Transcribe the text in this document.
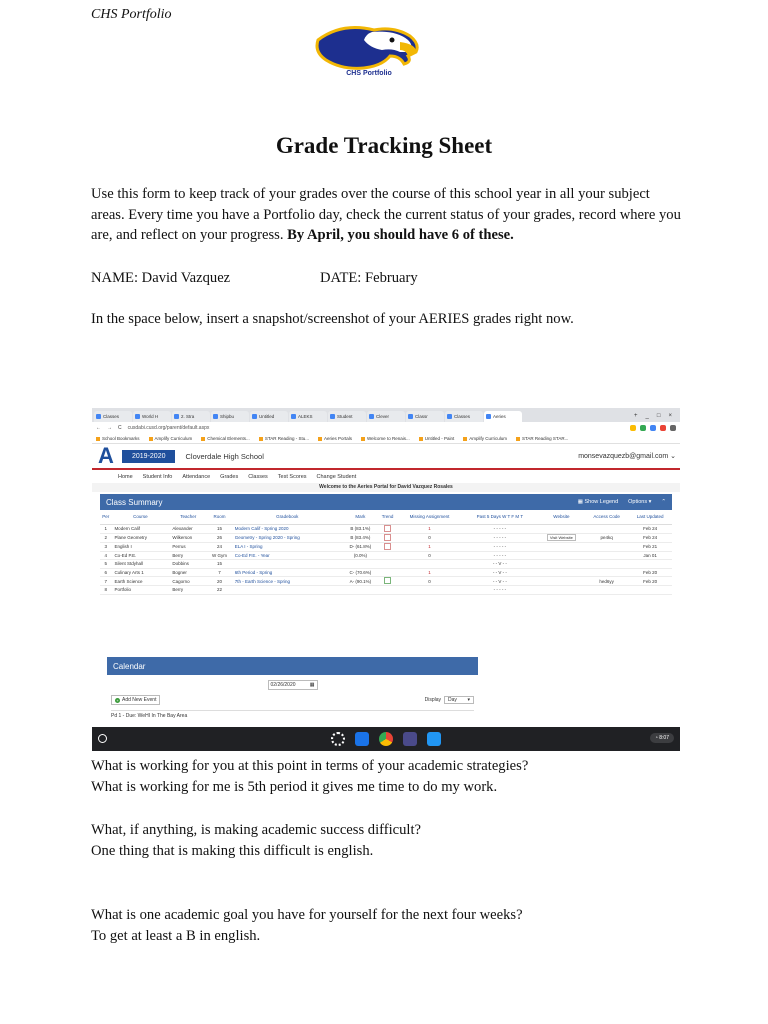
CHS Portfolio
CHS Portfolio
Grade Tracking Sheet
Use this form to keep track of your grades over the course of this school year in all your subject areas. Every time you have a Portfolio day, check the current status of your grades, record where you are, and reflect on your progress. By April, you should have 6 of these.
NAME: David Vazquez	DATE: February
In the space below, insert a snapshot/screenshot of your AERIES grades right now.
Classes	World H	2. Stra	Shipbu	Untitled	ALEKS	Student	Clever	Classr	Classes	Aeries	+ _ □ ×
← → C cusdabi.cusd.org/parent/default.aspx
School Bookmarks	Amplify Curriculum	Chemical Elements...	STAR Reading - Stu...	Aeries Portals	Welcome to Renais...	Untitled - Paint	Amplify Curriculum	STAR Reading STAR...
A	2019-2020	Cloverdale High School	monsevazquezb@gmail.com ⌄
Home Student Info Attendance Grades Classes Test Scores Change Student
Welcome to the Aeries Portal for David Vazquez Rosales
Class Summary	▦ Show Legend Options ▾ ⌃
Per	Course	Teacher	Room	Gradebook	Mark	Trend	Missing Assignment	Past 5 Days W T F M T	Website	Access Code	Last Updated
1	Modern Calif	Alexander	15	Modern Calif - Spring 2020	B (83.1%)		1	- - - - -			Feb 24
2	Plane Geometry	Wilkerson	26	Geometry - Spring 2020 - Spring	B (83.4%)		0	- - - - -	Visit Website	pe4kq	Feb 24
3	English I	Perrus	24	ELA I - Spring	D- (61.8%)		1	- - - - -			Feb 21
4	Co-Ed P.E.	Berry	W Gym	Co-Ed P.E. - Year	(0.0%)		0	- - - - -			Jan 01
5	Silent Stdyhall	Dobbins	15					- - V - -			
6	Culinary Arts 1	Bogner	7	6th Period - Spring	C- (70.6%)		1	- - V - -			Feb 20
7	Earth Science	Cagorno	20	7th - Earth Science - Spring	A- (90.1%)		0	- - V - -		hed6yy	Feb 20
8	Portfolio	Berry	22					- - - - -			
Calendar
02/26/2020	▦
+ Add New Event	Display Day ▾
Pd 1 - Due: WeHI In The Bay Area
◔ 8:07
What is working for you at this point in terms of your academic strategies?
What is working for me is 5th period it gives me time to do my work.
What, if anything, is making academic success difficult?
One thing that is making this difficult is english.
What is one academic goal you have for yourself for the next four weeks?
To get at least a B in english.
